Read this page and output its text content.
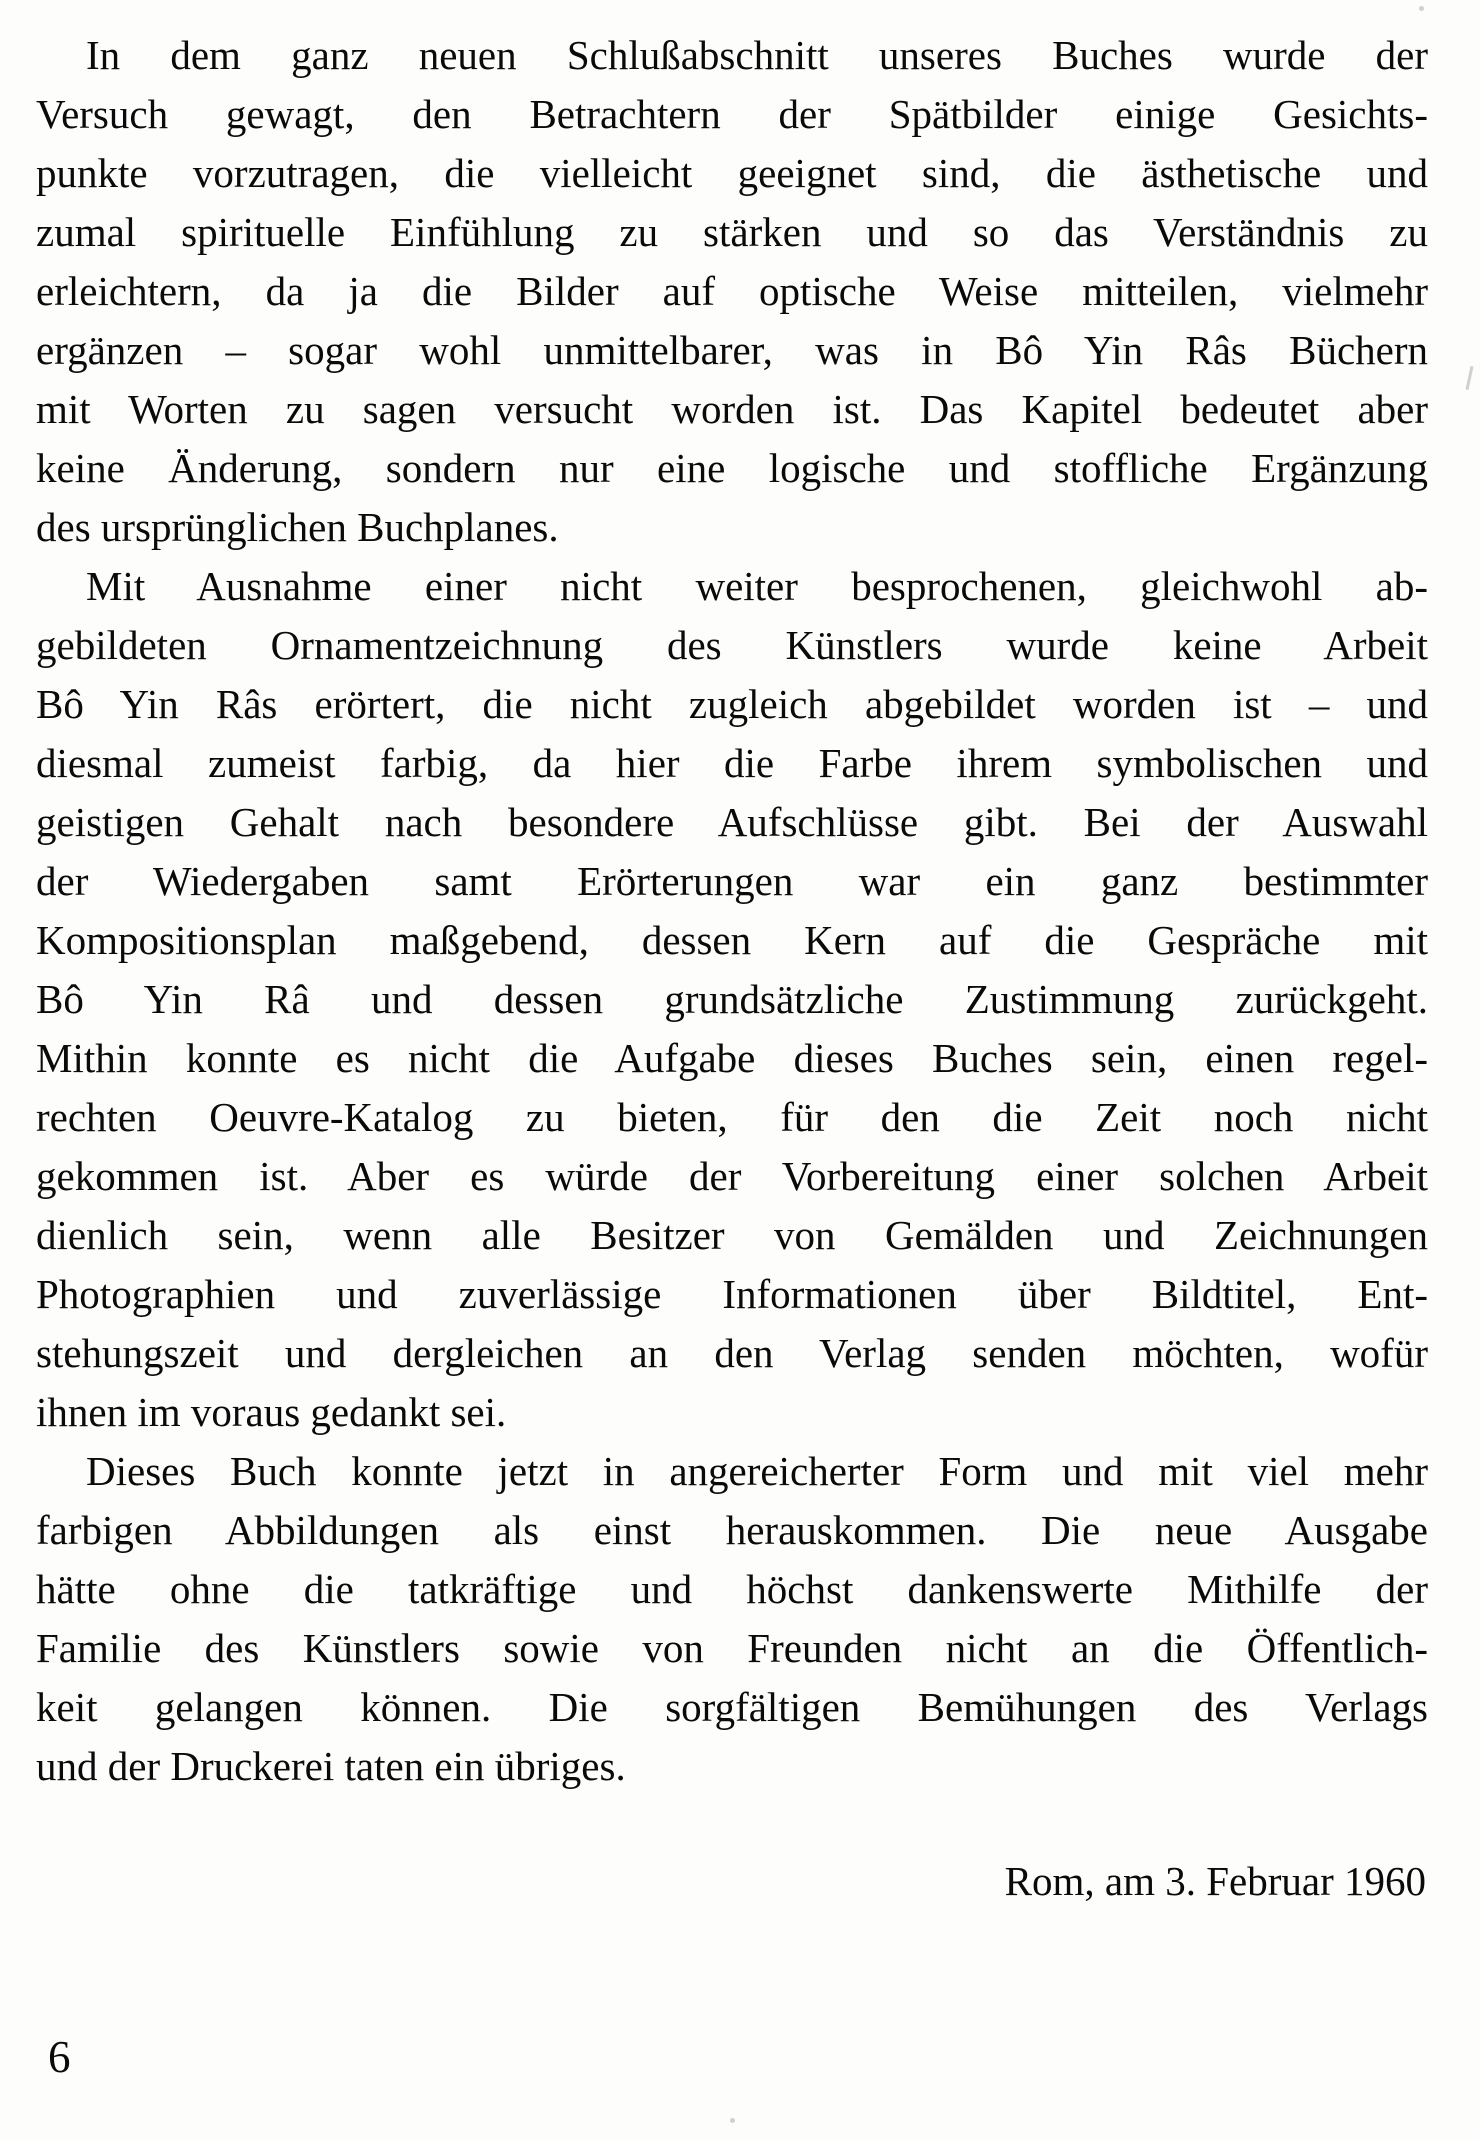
In dem ganz neuen Schlußabschnitt unseres Buches wurde der
Versuch gewagt, den Betrachtern der Spätbilder einige Gesichts-
punkte vorzutragen, die vielleicht geeignet sind, die ästhetische und
zumal spirituelle Einfühlung zu stärken und so das Verständnis zu
erleichtern, da ja die Bilder auf optische Weise mitteilen, vielmehr
ergänzen – sogar wohl unmittelbarer, was in Bô Yin Râs Büchern
mit Worten zu sagen versucht worden ist. Das Kapitel bedeutet aber
keine Änderung, sondern nur eine logische und stoffliche Ergänzung
des ursprünglichen Buchplanes.
Mit Ausnahme einer nicht weiter besprochenen, gleichwohl ab-
gebildeten Ornamentzeichnung des Künstlers wurde keine Arbeit
Bô Yin Râs erörtert, die nicht zugleich abgebildet worden ist – und
diesmal zumeist farbig, da hier die Farbe ihrem symbolischen und
geistigen Gehalt nach besondere Aufschlüsse gibt. Bei der Auswahl
der Wiedergaben samt Erörterungen war ein ganz bestimmter
Kompositionsplan maßgebend, dessen Kern auf die Gespräche mit
Bô Yin Râ und dessen grundsätzliche Zustimmung zurückgeht.
Mithin konnte es nicht die Aufgabe dieses Buches sein, einen regel-
rechten Oeuvre-Katalog zu bieten, für den die Zeit noch nicht
gekommen ist. Aber es würde der Vorbereitung einer solchen Arbeit
dienlich sein, wenn alle Besitzer von Gemälden und Zeichnungen
Photographien und zuverlässige Informationen über Bildtitel, Ent-
stehungszeit und dergleichen an den Verlag senden möchten, wofür
ihnen im voraus gedankt sei.
Dieses Buch konnte jetzt in angereicherter Form und mit viel mehr
farbigen Abbildungen als einst herauskommen. Die neue Ausgabe
hätte ohne die tatkräftige und höchst dankenswerte Mithilfe der
Familie des Künstlers sowie von Freunden nicht an die Öffentlich-
keit gelangen können. Die sorgfältigen Bemühungen des Verlags
und der Druckerei taten ein übriges.
Rom, am 3. Februar 1960
6
